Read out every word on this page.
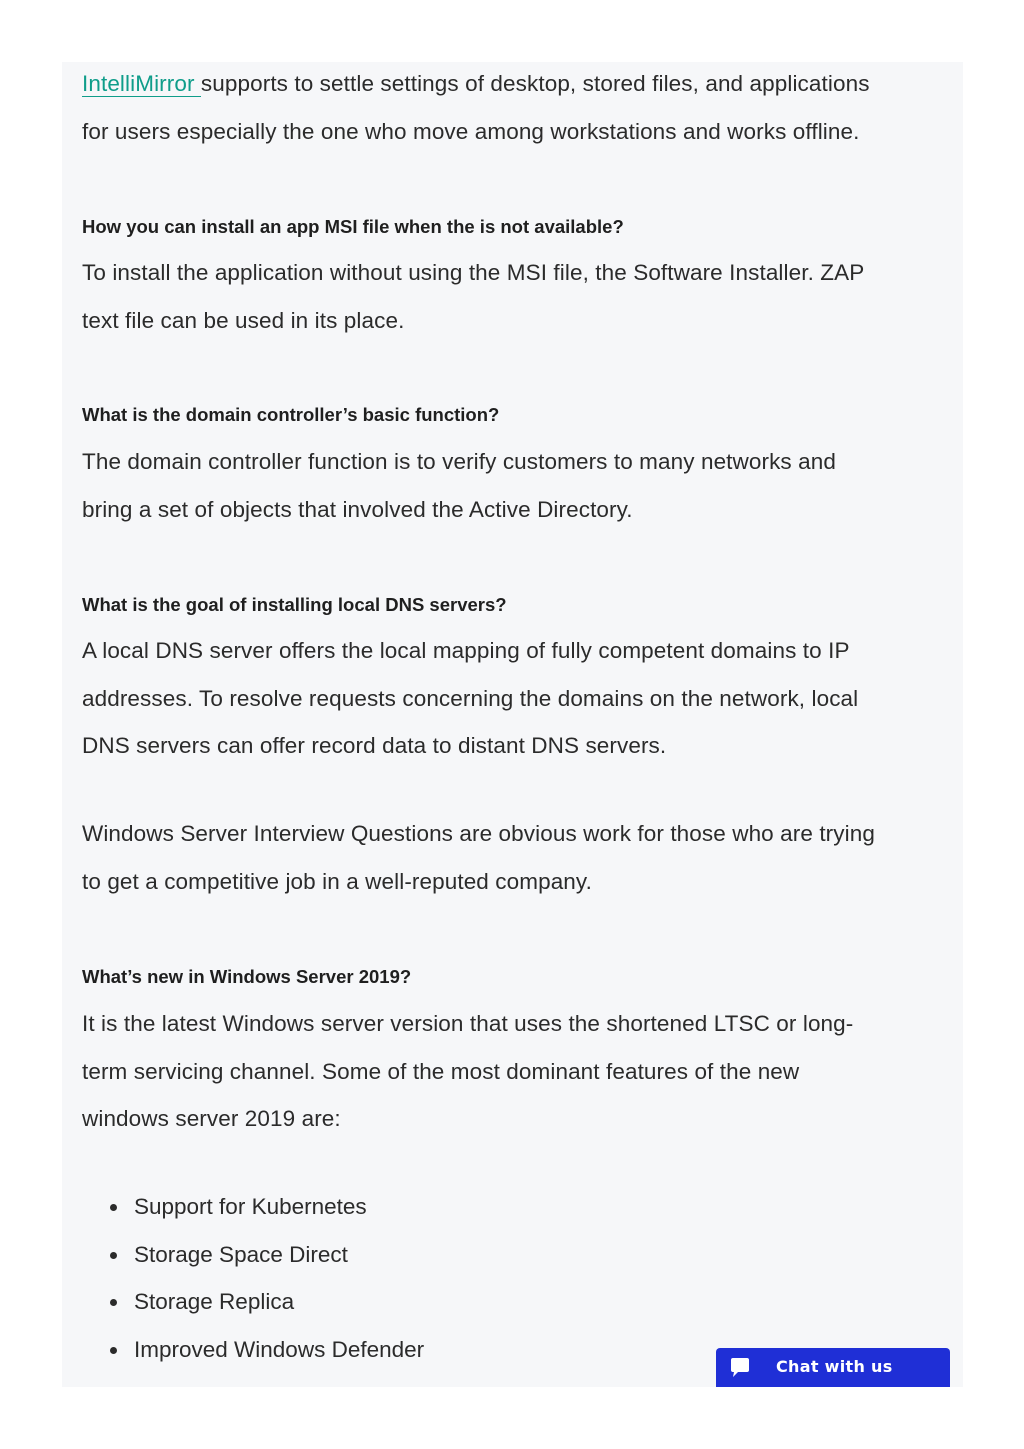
IntelliMirror supports to settle settings of desktop, stored files, and applications

for users especially the one who move among workstations and works offline.

How you can install an app MSI file when the is not available?

To install the application without using the MSI file, the Software Installer. ZAP

text file can be used in its place.

What is the domain controller’s basic function?

The domain controller function is to verify customers to many networks and

bring a set of objects that involved the Active Directory.

What is the goal of installing local DNS servers?

A local DNS server offers the local mapping of fully competent domains to IP

addresses. To resolve requests concerning the domains on the network, local

DNS servers can offer record data to distant DNS servers.

Windows Server Interview Questions are obvious work for those who are trying

to get a competitive job in a well-reputed company.

What’s new in Windows Server 2019?

It is the latest Windows server version that uses the shortened LTSC or long-

term servicing channel. Some of the most dominant features of the new

windows server 2019 are:

Support for Kubernetes
Storage Space Direct
Storage Replica
Improved Windows Defender
Chat with us
